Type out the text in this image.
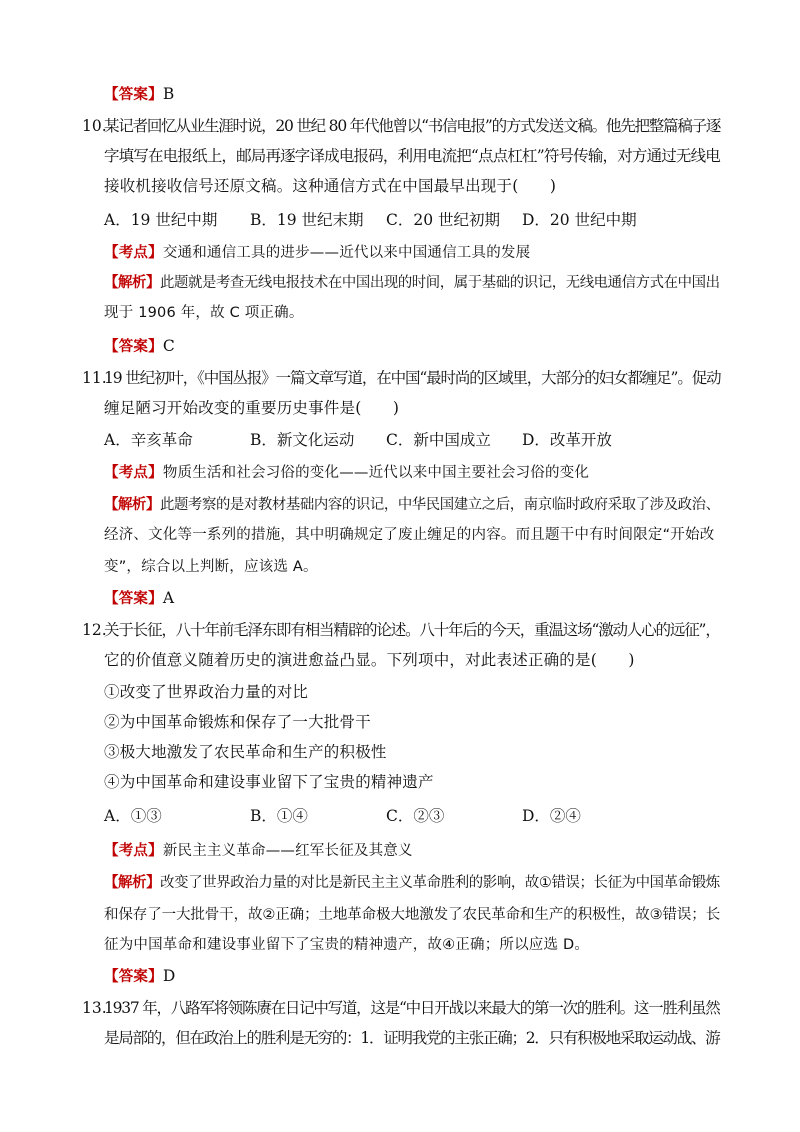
【答案】B
10.
某记者回忆从业生涯时说，20 世纪 80 年代他曾以“书信电报”的方式发送文稿。他先把整篇稿子逐
字填写在电报纸上，邮局再逐字译成电报码，利用电流把“点点杠杠”符号传输，对方通过无线电
接收机接收信号还原文稿。这种通信方式在中国最早出现于(　　)
A．19 世纪中期 B．19 世纪末期 C．20 世纪初期 D．20 世纪中期
【考点】交通和通信工具的进步——近代以来中国通信工具的发展
【解析】此题就是考查无线电报技术在中国出现的时间，属于基础的识记，无线电通信方式在中国出
现于 1906 年，故 C 项正确。
【答案】C
11.
19 世纪初叶，《中国丛报》一篇文章写道，在中国“最时尚的区域里，大部分的妇女都缠足”。促动
缠足陋习开始改变的重要历史事件是(　　)
A．辛亥革命	B．新文化运动 C．新中国成立 D．改革开放
【考点】物质生活和社会习俗的变化——近代以来中国主要社会习俗的变化
【解析】此题考察的是对教材基础内容的识记，中华民国建立之后，南京临时政府采取了涉及政治、
经济、文化等一系列的措施，其中明确规定了废止缠足的内容。而且题干中有时间限定“开始改
变”，综合以上判断，应该选 A。
【答案】A
12.
关于长征，八十年前毛泽东即有相当精辟的论述。八十年后的今天，重温这场“激动人心的远征”，
它的价值意义随着历史的演进愈益凸显。下列项中，对此表述正确的是(　　)
①改变了世界政治力量的对比
②为中国革命锻炼和保存了一大批骨干
③极大地激发了农民革命和生产的积极性
④为中国革命和建设事业留下了宝贵的精神遗产
A．①③	B．①④	C．②③	D．②④
【考点】新民主主义革命——红军长征及其意义
【解析】改变了世界政治力量的对比是新民主主义革命胜利的影响，故①错误；长征为中国革命锻炼
和保存了一大批骨干，故②正确；土地革命极大地激发了农民革命和生产的积极性，故③错误；长
征为中国革命和建设事业留下了宝贵的精神遗产，故④正确；所以应选 D。
【答案】D
13.
1937 年，八路军将领陈赓在日记中写道，这是“中日开战以来最大的第一次的胜利。这一胜利虽然
是局部的，但在政治上的胜利是无穷的：1．证明我党的主张正确；2．只有积极地采取运动战、游
